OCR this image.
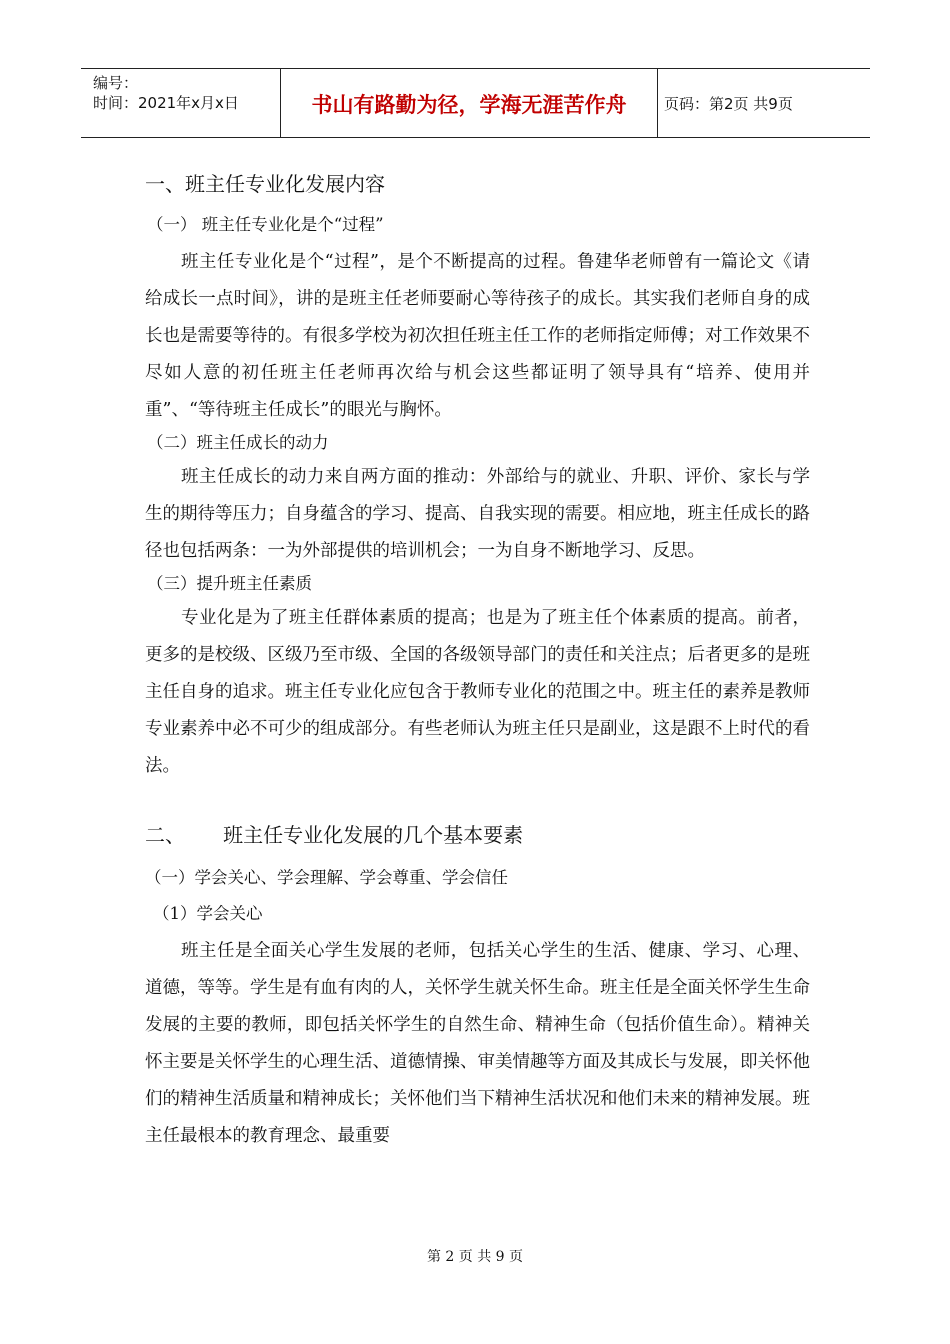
编号：
时间：2021年x月x日	书山有路勤为径，学海无涯苦作舟	页码：第2页 共9页
一、班主任专业化发展内容
（一） 班主任专业化是个“过程”

班主任专业化是个“过程”，是个不断提高的过程。鲁建华老师曾有一篇论文《请给成长一点时间》，讲的是班主任老师要耐心等待孩子的成长。其实我们老师自身的成长也是需要等待的。有很多学校为初次担任班主任工作的老师指定师傅；对工作效果不尽如人意的初任班主任老师再次给与机会这些都证明了领导具有“培养、使用并重”、“等待班主任成长”的眼光与胸怀。

（二）班主任成长的动力

班主任成长的动力来自两方面的推动：外部给与的就业、升职、评价、家长与学生的期待等压力；自身蕴含的学习、提高、自我实现的需要。相应地，班主任成长的路径也包括两条：一为外部提供的培训机会；一为自身不断地学习、反思。

（三）提升班主任素质

专业化是为了班主任群体素质的提高；也是为了班主任个体素质的提高。前者，更多的是校级、区级乃至市级、全国的各级领导部门的责任和关注点；后者更多的是班主任自身的追求。班主任专业化应包含于教师专业化的范围之中。班主任的素养是教师专业素养中必不可少的组成部分。有些老师认为班主任只是副业，这是跟不上时代的看法。

二、      班主任专业化发展的几个基本要素
（一）学会关心、学会理解、学会尊重、学会信任
（1）学会关心

班主任是全面关心学生发展的老师，包括关心学生的生活、健康、学习、心理、道德，等等。学生是有血有肉的人，关怀学生就关怀生命。班主任是全面关怀学生生命发展的主要的教师，即包括关怀学生的自然生命、精神生命（包括价值生命）。精神关怀主要是关怀学生的心理生活、道德情操、审美情趣等方面及其成长与发展，即关怀他们的精神生活质量和精神成长；关怀他们当下精神生活状况和他们未来的精神发展。班主任最根本的教育理念、最重要

第 2 页 共 9 页
